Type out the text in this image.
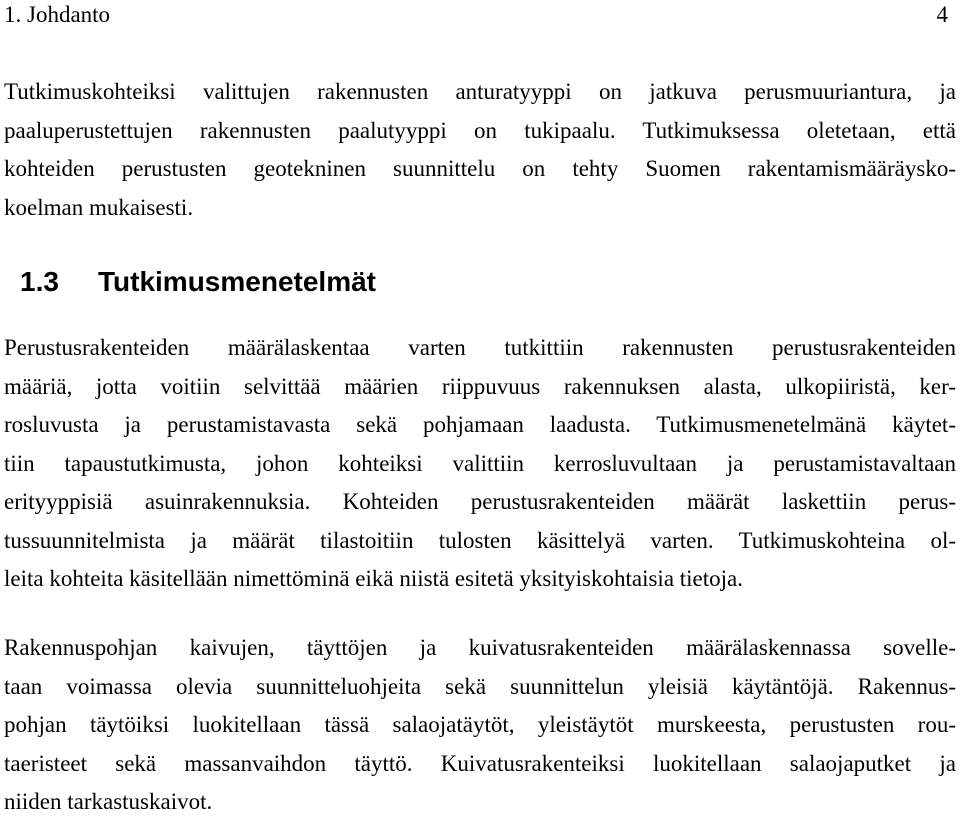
1. Johdanto	4

Tutkimuskohteiksi valittujen rakennusten anturatyyppi on jatkuva perusmuuriantura, ja
paaluperustettujen rakennusten paalutyyppi on tukipaalu. Tutkimuksessa oletetaan, että
kohteiden perustusten geotekninen suunnittelu on tehty Suomen rakentamismääräysko-
koelman mukaisesti.

1.3 Tutkimusmenetelmät

Perustusrakenteiden määrälaskentaa varten tutkittiin rakennusten perustusrakenteiden
määriä, jotta voitiin selvittää määrien riippuvuus rakennuksen alasta, ulkopiiristä, ker-
rosluvusta ja perustamistavasta sekä pohjamaan laadusta. Tutkimusmenetelmänä käytet-
tiin tapaustutkimusta, johon kohteiksi valittiin kerrosluvultaan ja perustamistavaltaan
erityyppisiä asuinrakennuksia. Kohteiden perustusrakenteiden määrät laskettiin perus-
tussuunnitelmista ja määrät tilastoitiin tulosten käsittelyä varten. Tutkimuskohteina ol-
leita kohteita käsitellään nimettöminä eikä niistä esitetä yksityiskohtaisia tietoja.

Rakennuspohjan kaivujen, täyttöjen ja kuivatusrakenteiden määrälaskennassa sovelle-
taan voimassa olevia suunnitteluohjeita sekä suunnittelun yleisiä käytäntöjä. Rakennus-
pohjan täytöiksi luokitellaan tässä salaojatäytöt, yleistäytöt murskeesta, perustusten rou-
taeristeet sekä massanvaihdon täyttö. Kuivatusrakenteiksi luokitellaan salaojaputket ja
niiden tarkastuskaivot.
